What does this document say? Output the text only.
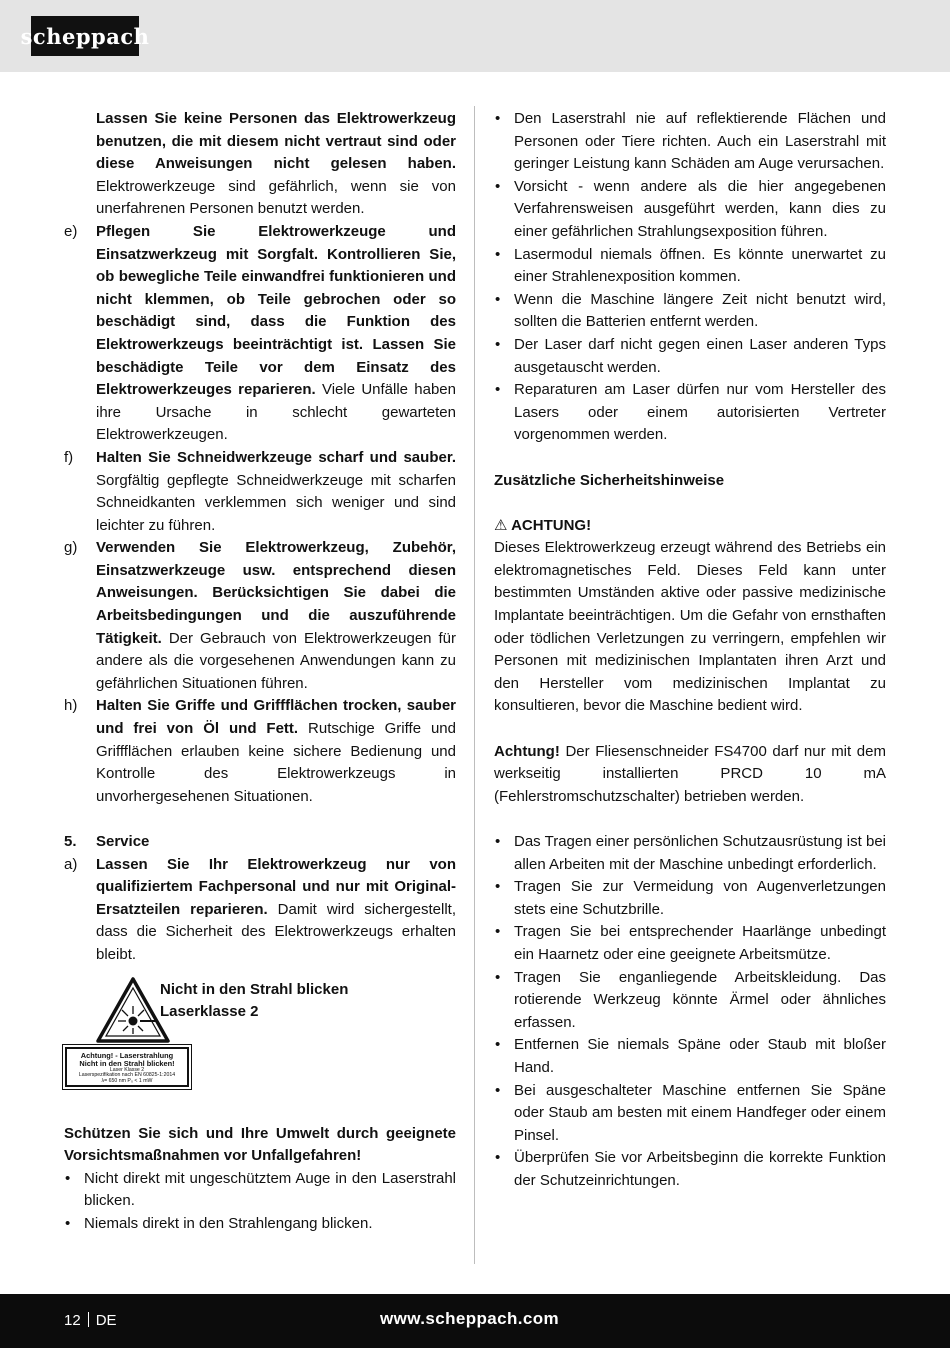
scheppach
Lassen Sie keine Personen das Elektrowerkzeug benutzen, die mit diesem nicht vertraut sind oder diese Anweisungen nicht gelesen haben. Elektrowerkzeuge sind gefährlich, wenn sie von unerfahrenen Personen benutzt werden.
e)	Pflegen Sie Elektrowerkzeuge und Einsatzwerkzeug mit Sorgfalt. Kontrollieren Sie, ob bewegliche Teile einwandfrei funktionieren und nicht klemmen, ob Teile gebrochen oder so beschädigt sind, dass die Funktion des Elektrowerkzeugs beeinträchtigt ist. Lassen Sie beschädigte Teile vor dem Einsatz des Elektrowerkzeuges reparieren. Viele Unfälle haben ihre Ursache in schlecht gewarteten Elektrowerkzeugen.
f)	Halten Sie Schneidwerkzeuge scharf und sauber. Sorgfältig gepflegte Schneidwerkzeuge mit scharfen Schneidkanten verklemmen sich weniger und sind leichter zu führen.
g)	Verwenden Sie Elektrowerkzeug, Zubehör, Einsatzwerkzeuge usw. entsprechend diesen Anweisungen. Berücksichtigen Sie dabei die Arbeitsbedingungen und die auszuführende Tätigkeit. Der Gebrauch von Elektrowerkzeugen für andere als die vorgesehenen Anwendungen kann zu gefährlichen Situationen führen.
h)	Halten Sie Griffe und Griffflächen trocken, sauber und frei von Öl und Fett. Rutschige Griffe und Griffflächen erlauben keine sichere Bedienung und Kontrolle des Elektrowerkzeugs in unvorhergesehenen Situationen.
5.	Service
a)	Lassen Sie Ihr Elektrowerkzeug nur von qualifiziertem Fachpersonal und nur mit Original-Ersatzteilen reparieren. Damit wird sichergestellt, dass die Sicherheit des Elektrowerkzeugs erhalten bleibt.
Nicht in den Strahl blicken
Laserklasse 2
Achtung! - Laserstrahlung
Nicht in den Strahl blicken!
Laser Klasse 2
Laserspezifikation nach EN 60825-1:2014
λ= 650 nm P₀ < 1 mW
Schützen Sie sich und Ihre Umwelt durch geeignete Vorsichtsmaßnahmen vor Unfallgefahren!
• Nicht direkt mit ungeschütztem Auge in den Laserstrahl blicken.
• Niemals direkt in den Strahlengang blicken.
• Den Laserstrahl nie auf reflektierende Flächen und Personen oder Tiere richten. Auch ein Laserstrahl mit geringer Leistung kann Schäden am Auge verursachen.
• Vorsicht - wenn andere als die hier angegebenen Verfahrensweisen ausgeführt werden, kann dies zu einer gefährlichen Strahlungsexposition führen.
• Lasermodul niemals öffnen. Es könnte unerwartet zu einer Strahlenexposition kommen.
• Wenn die Maschine längere Zeit nicht benutzt wird, sollten die Batterien entfernt werden.
• Der Laser darf nicht gegen einen Laser anderen Typs ausgetauscht werden.
• Reparaturen am Laser dürfen nur vom Hersteller des Lasers oder einem autorisierten Vertreter vorgenommen werden.
Zusätzliche Sicherheitshinweise
⚠ ACHTUNG!
Dieses Elektrowerkzeug erzeugt während des Betriebs ein elektromagnetisches Feld. Dieses Feld kann unter bestimmten Umständen aktive oder passive medizinische Implantate beeinträchtigen. Um die Gefahr von ernsthaften oder tödlichen Verletzungen zu verringern, empfehlen wir Personen mit medizinischen Implantaten ihren Arzt und den Hersteller vom medizinischen Implantat zu konsultieren, bevor die Maschine bedient wird.
Achtung! Der Fliesenschneider FS4700 darf nur mit dem werkseitig installierten PRCD 10 mA (Fehlerstromschutzschalter) betrieben werden.
• Das Tragen einer persönlichen Schutzausrüstung ist bei allen Arbeiten mit der Maschine unbedingt erforderlich.
• Tragen Sie zur Vermeidung von Augenverletzungen stets eine Schutzbrille.
• Tragen Sie bei entsprechender Haarlänge unbedingt ein Haarnetz oder eine geeignete Arbeitsmütze.
• Tragen Sie enganliegende Arbeitskleidung. Das rotierende Werkzeug könnte Ärmel oder ähnliches erfassen.
• Entfernen Sie niemals Späne oder Staub mit bloßer Hand.
• Bei ausgeschalteter Maschine entfernen Sie Späne oder Staub am besten mit einem Handfeger oder einem Pinsel.
• Überprüfen Sie vor Arbeitsbeginn die korrekte Funktion der Schutzeinrichtungen.
12 DE	www.scheppach.com
